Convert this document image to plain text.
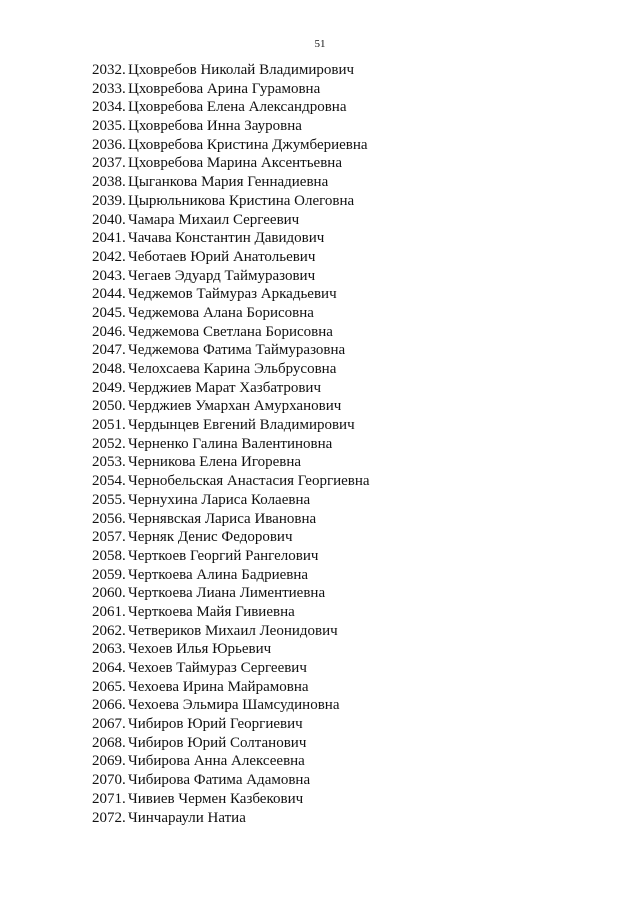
51
2032. Цховребов Николай Владимирович
2033. Цховребова Арина Гурамовна
2034. Цховребова Елена Александровна
2035. Цховребова Инна Зауровна
2036. Цховребова Кристина Джумбериевна
2037. Цховребова Марина Аксентьевна
2038. Цыганкова Мария Геннадиевна
2039. Цырюльникова Кристина Олеговна
2040. Чамара Михаил Сергеевич
2041. Чачава Константин Давидович
2042. Чеботаев Юрий Анатольевич
2043. Чегаев Эдуард Таймуразович
2044. Чеджемов Таймураз Аркадьевич
2045. Чеджемова Алана Борисовна
2046. Чеджемова Светлана Борисовна
2047. Чеджемова Фатима Таймуразовна
2048. Челохсаева Карина Эльбрусовна
2049. Черджиев Марат Хазбатрович
2050. Черджиев Умархан Амурханович
2051. Чердынцев Евгений Владимирович
2052. Черненко Галина Валентиновна
2053. Черникова Елена Игоревна
2054. Чернобельская Анастасия Георгиевна
2055. Чернухина Лариса Колаевна
2056. Чернявская Лариса Ивановна
2057. Черняк Денис Федорович
2058. Черткоев Георгий Рангелович
2059. Черткоева Алина Бадриевна
2060. Черткоева Лиана Лиментиевна
2061. Черткоева Майя Гивиевна
2062. Четвериков Михаил Леонидович
2063. Чехоев Илья Юрьевич
2064. Чехоев Таймураз Сергеевич
2065. Чехоева Ирина Майрамовна
2066. Чехоева Эльмира Шамсудиновна
2067. Чибиров Юрий Георгиевич
2068. Чибиров Юрий Солтанович
2069. Чибирова Анна Алексеевна
2070. Чибирова Фатима Адамовна
2071. Чивиев Чермен Казбекович
2072. Чинчараули Натиа
